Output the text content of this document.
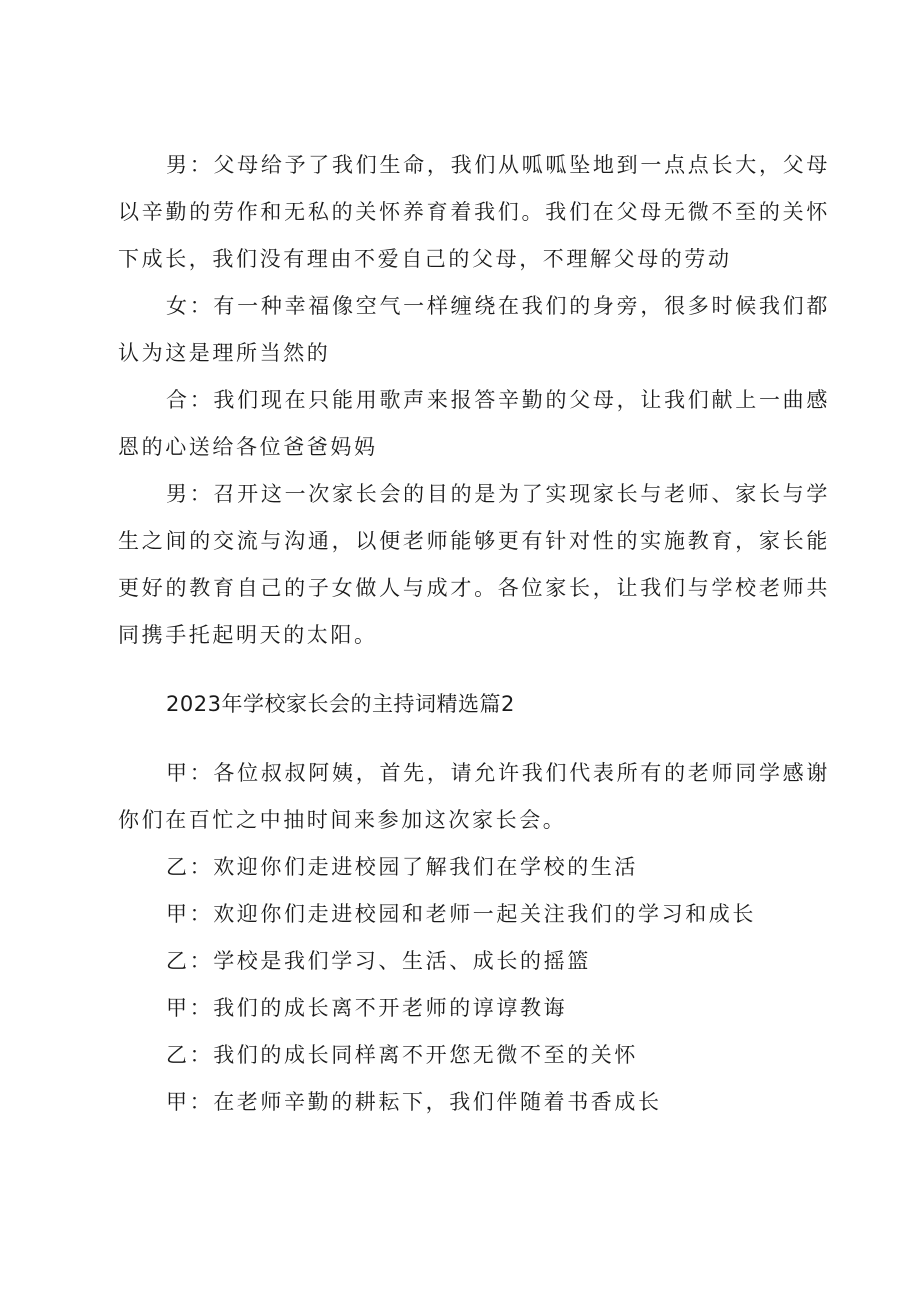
男：父母给予了我们生命，我们从呱呱坠地到一点点长大，父母以辛勤的劳作和无私的关怀养育着我们。我们在父母无微不至的关怀下成长，我们没有理由不爱自己的父母，不理解父母的劳动

女：有一种幸福像空气一样缠绕在我们的身旁，很多时候我们都认为这是理所当然的

合：我们现在只能用歌声来报答辛勤的父母，让我们献上一曲感恩的心送给各位爸爸妈妈

男：召开这一次家长会的目的是为了实现家长与老师、家长与学生之间的交流与沟通，以便老师能够更有针对性的实施教育，家长能更好的教育自己的子女做人与成才。各位家长，让我们与学校老师共同携手托起明天的太阳。

2023年学校家长会的主持词精选篇2

甲：各位叔叔阿姨，首先，请允许我们代表所有的老师同学感谢你们在百忙之中抽时间来参加这次家长会。

乙：欢迎你们走进校园了解我们在学校的生活

甲：欢迎你们走进校园和老师一起关注我们的学习和成长

乙：学校是我们学习、生活、成长的摇篮

甲：我们的成长离不开老师的谆谆教诲

乙：我们的成长同样离不开您无微不至的关怀

甲：在老师辛勤的耕耘下，我们伴随着书香成长
